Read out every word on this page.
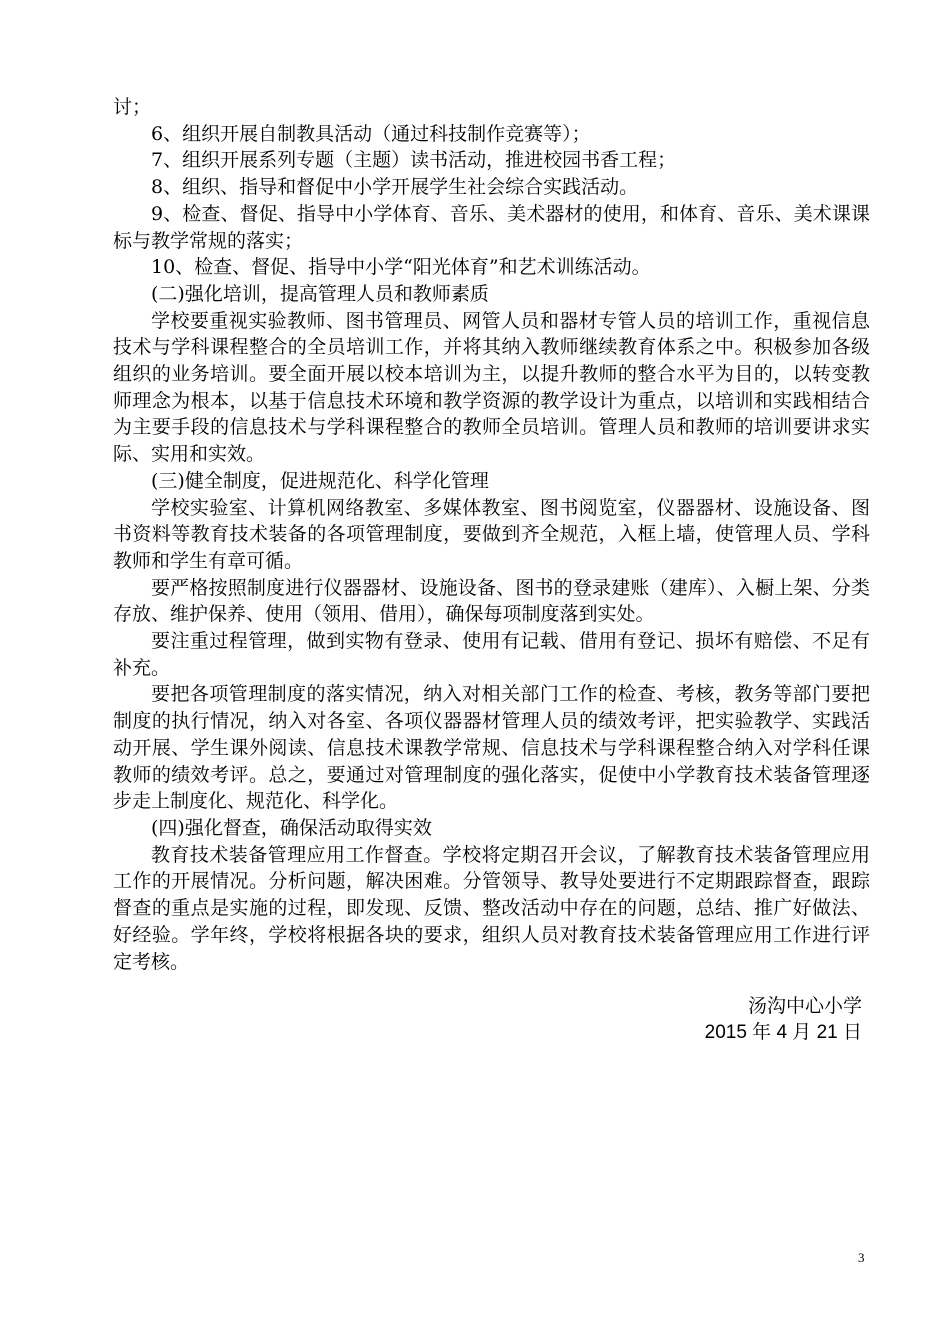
讨；

6、组织开展自制教具活动（通过科技制作竞赛等）；

7、组织开展系列专题（主题）读书活动，推进校园书香工程；

8、组织、指导和督促中小学开展学生社会综合实践活动。

9、检查、督促、指导中小学体育、音乐、美术器材的使用，和体育、音乐、美术课课标与教学常规的落实；

10、检查、督促、指导中小学“阳光体育”和艺术训练活动。

(二)强化培训，提高管理人员和教师素质

学校要重视实验教师、图书管理员、网管人员和器材专管人员的培训工作，重视信息技术与学科课程整合的全员培训工作，并将其纳入教师继续教育体系之中。积极参加各级组织的业务培训。要全面开展以校本培训为主，以提升教师的整合水平为目的，以转变教师理念为根本，以基于信息技术环境和教学资源的教学设计为重点，以培训和实践相结合为主要手段的信息技术与学科课程整合的教师全员培训。管理人员和教师的培训要讲求实际、实用和实效。

(三)健全制度，促进规范化、科学化管理

学校实验室、计算机网络教室、多媒体教室、图书阅览室，仪器器材、设施设备、图书资料等教育技术装备的各项管理制度，要做到齐全规范，入框上墙，使管理人员、学科教师和学生有章可循。

要严格按照制度进行仪器器材、设施设备、图书的登录建账（建库）、入橱上架、分类存放、维护保养、使用（领用、借用），确保每项制度落到实处。

要注重过程管理，做到实物有登录、使用有记载、借用有登记、损坏有赔偿、不足有补充。

要把各项管理制度的落实情况，纳入对相关部门工作的检查、考核，教务等部门要把制度的执行情况，纳入对各室、各项仪器器材管理人员的绩效考评，把实验教学、实践活动开展、学生课外阅读、信息技术课教学常规、信息技术与学科课程整合纳入对学科任课教师的绩效考评。总之，要通过对管理制度的强化落实，促使中小学教育技术装备管理逐步走上制度化、规范化、科学化。

(四)强化督查，确保活动取得实效

教育技术装备管理应用工作督查。学校将定期召开会议，了解教育技术装备管理应用工作的开展情况。分析问题，解决困难。分管领导、教导处要进行不定期跟踪督查，跟踪督查的重点是实施的过程，即发现、反馈、整改活动中存在的问题，总结、推广好做法、好经验。学年终，学校将根据各块的要求，组织人员对教育技术装备管理应用工作进行评定考核。

汤沟中心小学
2015 年 4 月 21 日
3
